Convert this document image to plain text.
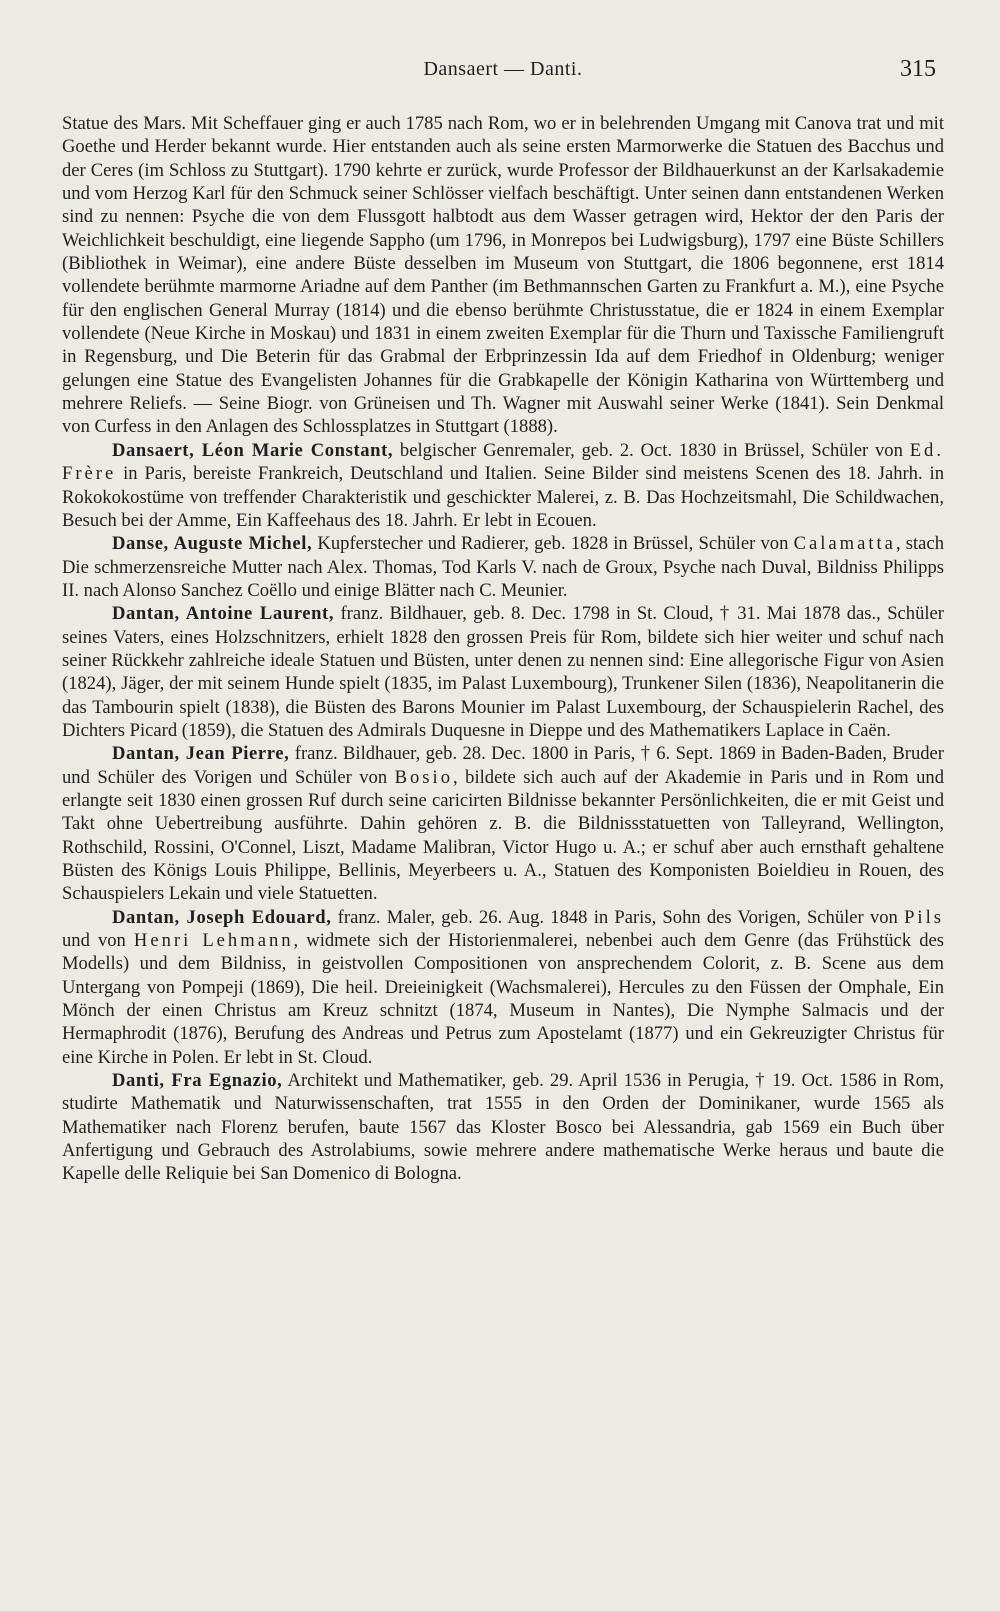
Dansaert — Danti.	315

Statue des Mars. Mit Scheffauer ging er auch 1785 nach Rom, wo er in belehrenden Umgang mit Canova trat und mit Goethe und Herder bekannt wurde. Hier entstanden auch als seine ersten Marmorwerke die Statuen des Bacchus und der Ceres (im Schloss zu Stuttgart). 1790 kehrte er zurück, wurde Professor der Bildhauerkunst an der Karlsakademie und vom Herzog Karl für den Schmuck seiner Schlösser vielfach beschäftigt. Unter seinen dann entstandenen Werken sind zu nennen: Psyche die von dem Flussgott halbtodt aus dem Wasser getragen wird, Hektor der den Paris der Weichlichkeit beschuldigt, eine liegende Sappho (um 1796, in Monrepos bei Ludwigsburg), 1797 eine Büste Schillers (Bibliothek in Weimar), eine andere Büste desselben im Museum von Stuttgart, die 1806 begonnene, erst 1814 vollendete berühmte marmorne Ariadne auf dem Panther (im Bethmannschen Garten zu Frankfurt a. M.), eine Psyche für den englischen General Murray (1814) und die ebenso berühmte Christusstatue, die er 1824 in einem Exemplar vollendete (Neue Kirche in Moskau) und 1831 in einem zweiten Exemplar für die Thurn und Taxissche Familiengruft in Regensburg, und Die Beterin für das Grabmal der Erbprinzessin Ida auf dem Friedhof in Oldenburg; weniger gelungen eine Statue des Evangelisten Johannes für die Grabkapelle der Königin Katharina von Württemberg und mehrere Reliefs. — Seine Biogr. von Grüneisen und Th. Wagner mit Auswahl seiner Werke (1841). Sein Denkmal von Curfess in den Anlagen des Schlossplatzes in Stuttgart (1888).

Dansaert, Léon Marie Constant, belgischer Genremaler, geb. 2. Oct. 1830 in Brüssel, Schüler von Ed. Frère in Paris, bereiste Frankreich, Deutschland und Italien. Seine Bilder sind meistens Scenen des 18. Jahrh. in Rokokokostüme von treffender Charakteristik und geschickter Malerei, z. B. Das Hochzeitsmahl, Die Schildwachen, Besuch bei der Amme, Ein Kaffeehaus des 18. Jahrh. Er lebt in Ecouen.

Danse, Auguste Michel, Kupferstecher und Radierer, geb. 1828 in Brüssel, Schüler von Calamatta, stach Die schmerzensreiche Mutter nach Alex. Thomas, Tod Karls V. nach de Groux, Psyche nach Duval, Bildniss Philipps II. nach Alonso Sanchez Coëllo und einige Blätter nach C. Meunier.

Dantan, Antoine Laurent, franz. Bildhauer, geb. 8. Dec. 1798 in St. Cloud, † 31. Mai 1878 das., Schüler seines Vaters, eines Holzschnitzers, erhielt 1828 den grossen Preis für Rom, bildete sich hier weiter und schuf nach seiner Rückkehr zahlreiche ideale Statuen und Büsten, unter denen zu nennen sind: Eine allegorische Figur von Asien (1824), Jäger, der mit seinem Hunde spielt (1835, im Palast Luxembourg), Trunkener Silen (1836), Neapolitanerin die das Tambourin spielt (1838), die Büsten des Barons Mounier im Palast Luxembourg, der Schauspielerin Rachel, des Dichters Picard (1859), die Statuen des Admirals Duquesne in Dieppe und des Mathematikers Laplace in Caën.

Dantan, Jean Pierre, franz. Bildhauer, geb. 28. Dec. 1800 in Paris, † 6. Sept. 1869 in Baden-Baden, Bruder und Schüler des Vorigen und Schüler von Bosio, bildete sich auch auf der Akademie in Paris und in Rom und erlangte seit 1830 einen grossen Ruf durch seine caricirten Bildnisse bekannter Persönlichkeiten, die er mit Geist und Takt ohne Uebertreibung ausführte. Dahin gehören z. B. die Bildnissstatuetten von Talleyrand, Wellington, Rothschild, Rossini, O'Connel, Liszt, Madame Malibran, Victor Hugo u. A.; er schuf aber auch ernsthaft gehaltene Büsten des Königs Louis Philippe, Bellinis, Meyerbeers u. A., Statuen des Komponisten Boieldieu in Rouen, des Schauspielers Lekain und viele Statuetten.

Dantan, Joseph Edouard, franz. Maler, geb. 26. Aug. 1848 in Paris, Sohn des Vorigen, Schüler von Pils und von Henri Lehmann, widmete sich der Historienmalerei, nebenbei auch dem Genre (das Frühstück des Modells) und dem Bildniss, in geistvollen Compositionen von ansprechendem Colorit, z. B. Scene aus dem Untergang von Pompeji (1869), Die heil. Dreieinigkeit (Wachsmalerei), Hercules zu den Füssen der Omphale, Ein Mönch der einen Christus am Kreuz schnitzt (1874, Museum in Nantes), Die Nymphe Salmacis und der Hermaphrodit (1876), Berufung des Andreas und Petrus zum Apostelamt (1877) und ein Gekreuzigter Christus für eine Kirche in Polen. Er lebt in St. Cloud.

Danti, Fra Egnazio, Architekt und Mathematiker, geb. 29. April 1536 in Perugia, † 19. Oct. 1586 in Rom, studirte Mathematik und Naturwissenschaften, trat 1555 in den Orden der Dominikaner, wurde 1565 als Mathematiker nach Florenz berufen, baute 1567 das Kloster Bosco bei Alessandria, gab 1569 ein Buch über Anfertigung und Gebrauch des Astrolabiums, sowie mehrere andere mathematische Werke heraus und baute die Kapelle delle Reliquie bei San Domenico di Bologna.
